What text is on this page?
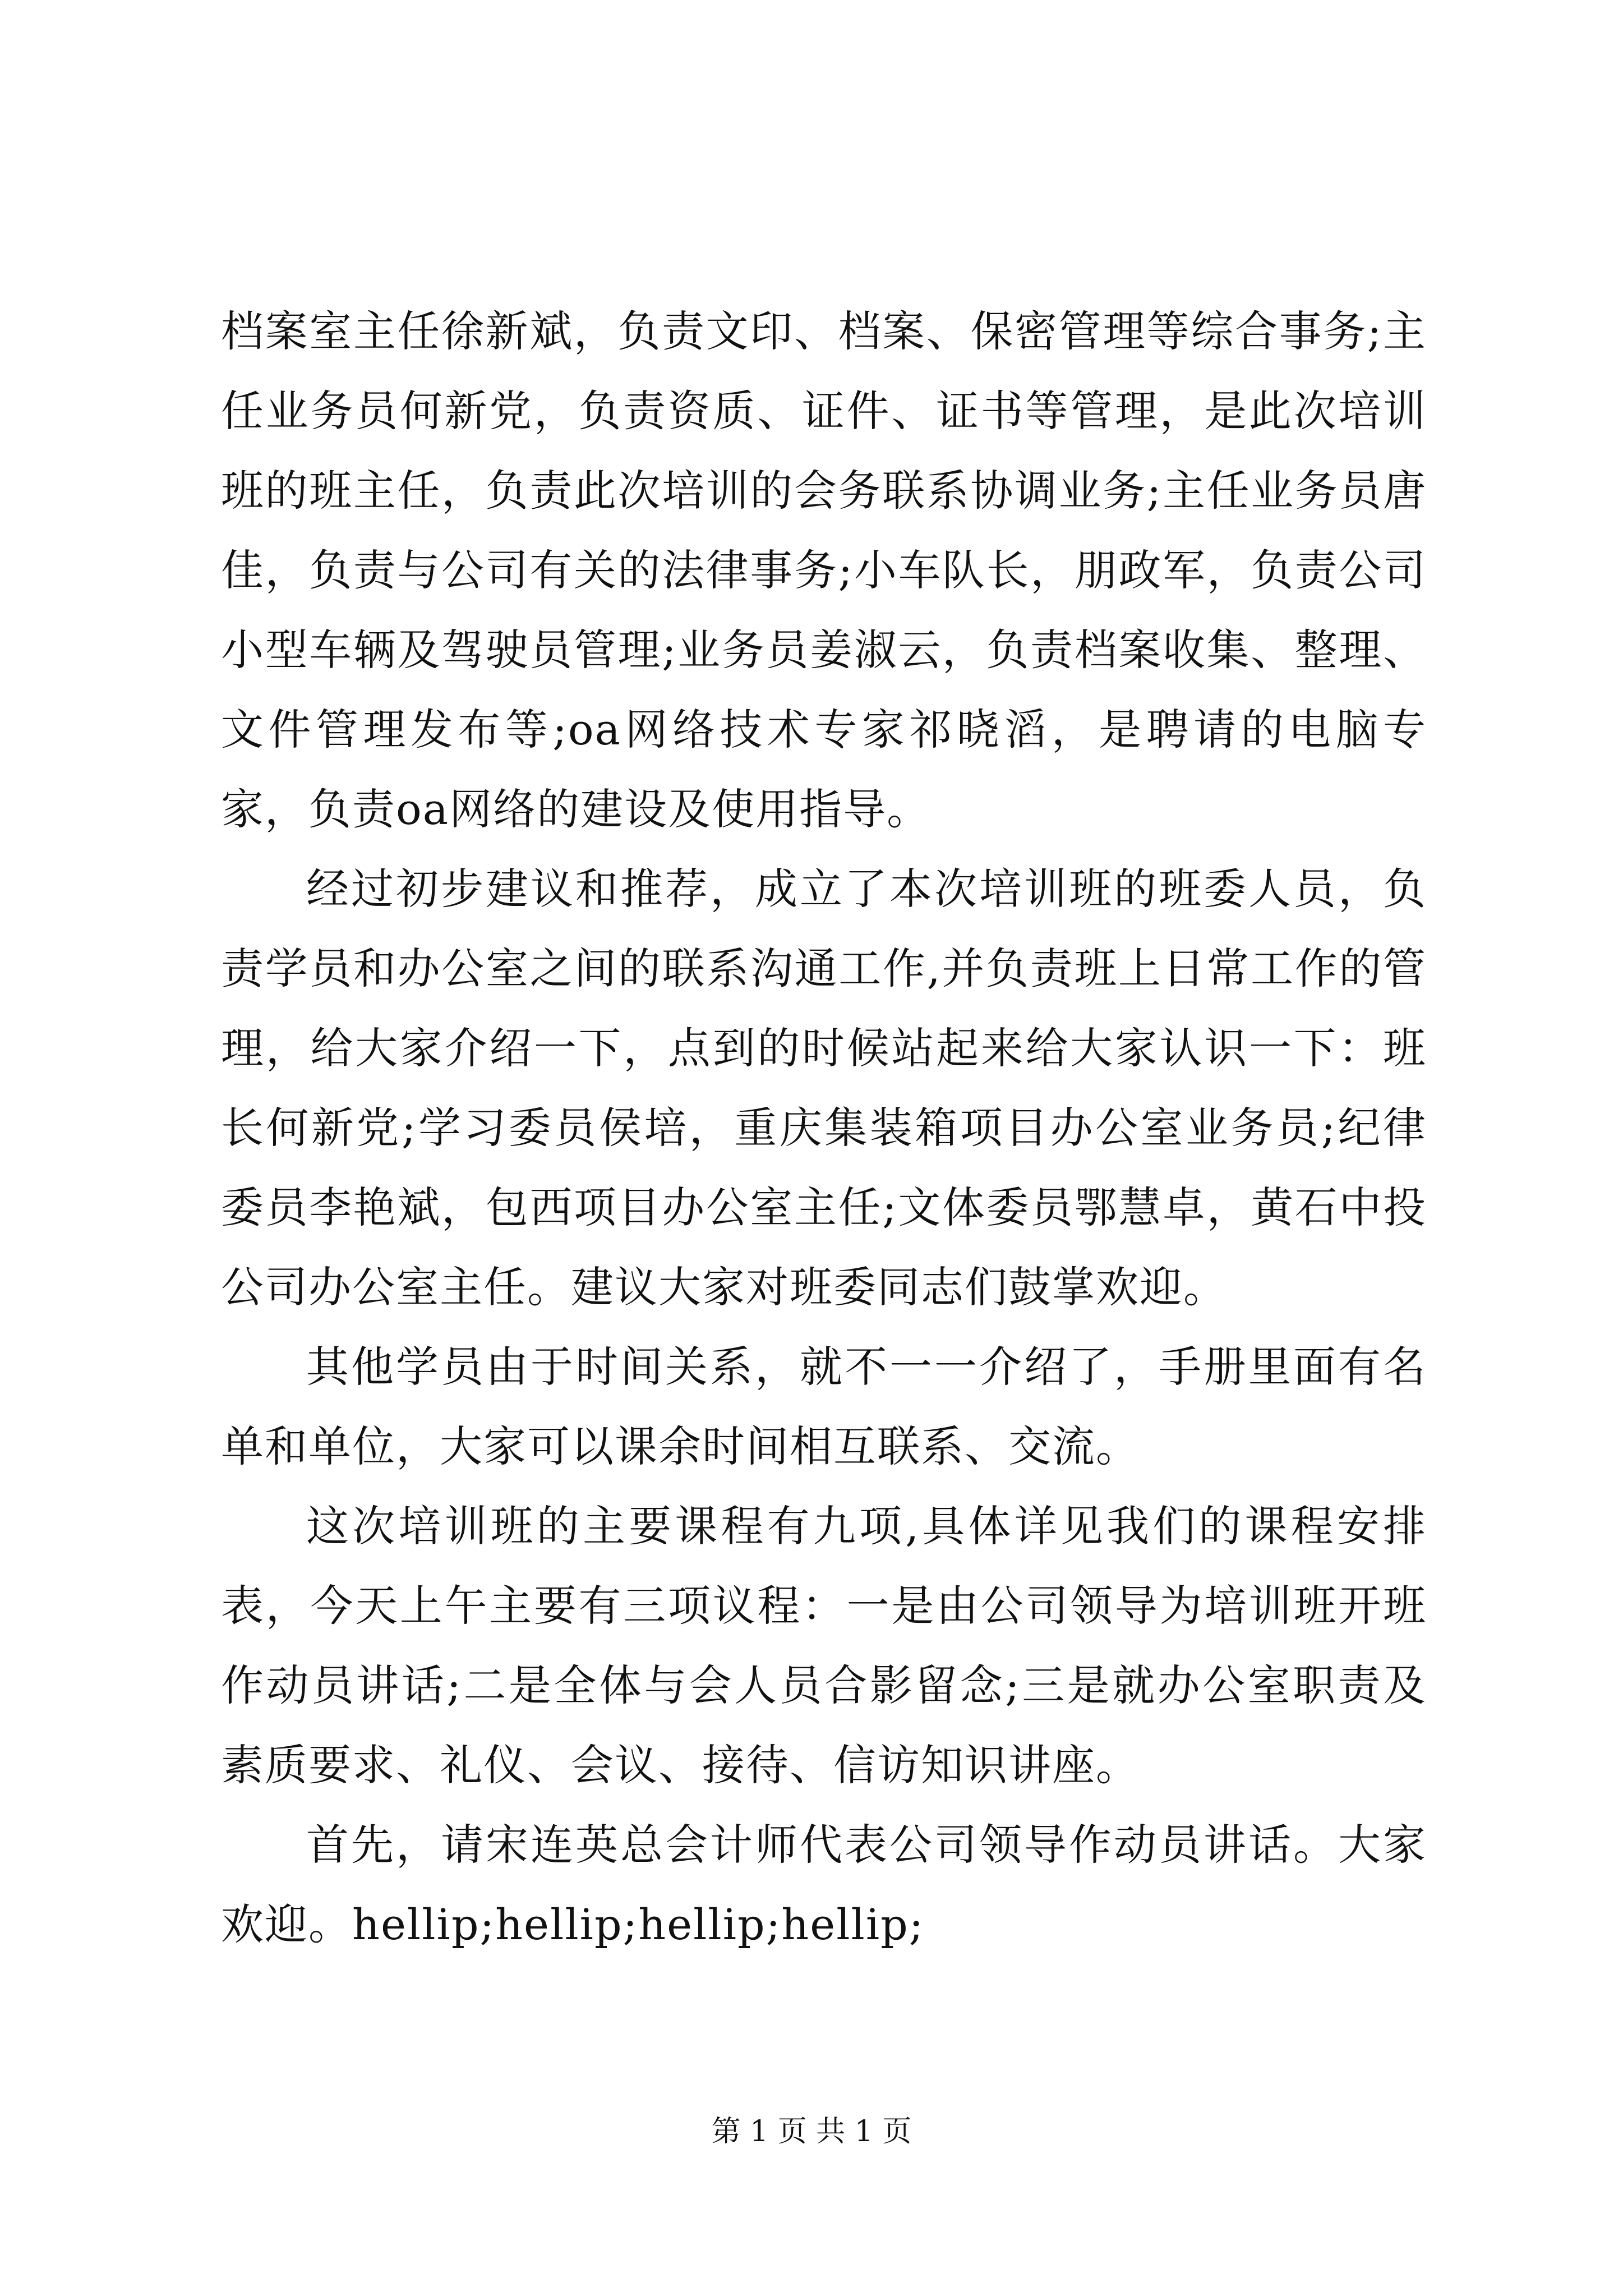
档案室主任徐新斌，负责文印、档案、保密管理等综合事务;主任业务员何新党，负责资质、证件、证书等管理，是此次培训班的班主任，负责此次培训的会务联系协调业务;主任业务员唐佳，负责与公司有关的法律事务;小车队长，朋政军，负责公司小型车辆及驾驶员管理;业务员姜淑云，负责档案收集、整理、文件管理发布等;oa网络技术专家祁晓滔，是聘请的电脑专家，负责oa网络的建设及使用指导。

经过初步建议和推荐，成立了本次培训班的班委人员，负责学员和办公室之间的联系沟通工作,并负责班上日常工作的管理，给大家介绍一下，点到的时候站起来给大家认识一下：班长何新党;学习委员侯培，重庆集装箱项目办公室业务员;纪律委员李艳斌，包西项目办公室主任;文体委员鄂慧卓，黄石中投公司办公室主任。建议大家对班委同志们鼓掌欢迎。

其他学员由于时间关系，就不一一介绍了，手册里面有名单和单位，大家可以课余时间相互联系、交流。

这次培训班的主要课程有九项,具体详见我们的课程安排表，今天上午主要有三项议程：一是由公司领导为培训班开班作动员讲话;二是全体与会人员合影留念;三是就办公室职责及素质要求、礼仪、会议、接待、信访知识讲座。

首先，请宋连英总会计师代表公司领导作动员讲话。大家欢迎。hellip;hellip;hellip;hellip;

第 1 页 共 1 页
